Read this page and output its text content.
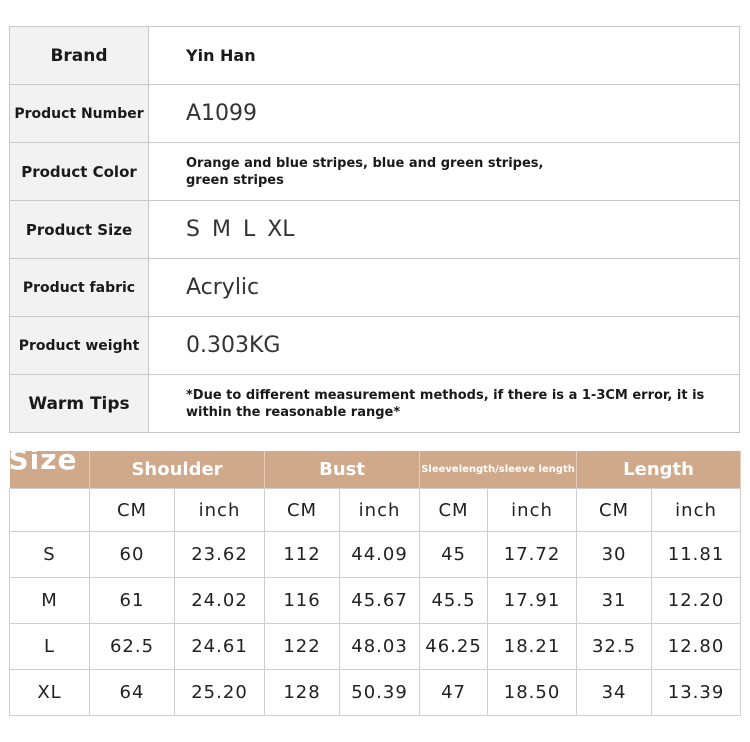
Brand	Yin Han
Product Number	A1099
Product Color	Orange and blue stripes, blue and green stripes,
green stripes

Product Size	S M L XL
Product fabric	Acrylic
Product weight	0.303KG
Warm Tips	*Due to different measurement methods, if there is a 1-3CM error, it is within the reasonable range*
Size	Shoulder		Bust		Sleevelength/sleeve length		Length	
	CM	inch	CM	inch	CM	inch	CM	inch
S	60	23.62	112	44.09	45	17.72	30	11.81
M	61	24.02	116	45.67	45.5	17.91	31	12.20
L	62.5	24.61	122	48.03	46.25	18.21	32.5	12.80
XL	64	25.20	128	50.39	47	18.50	34	13.39
